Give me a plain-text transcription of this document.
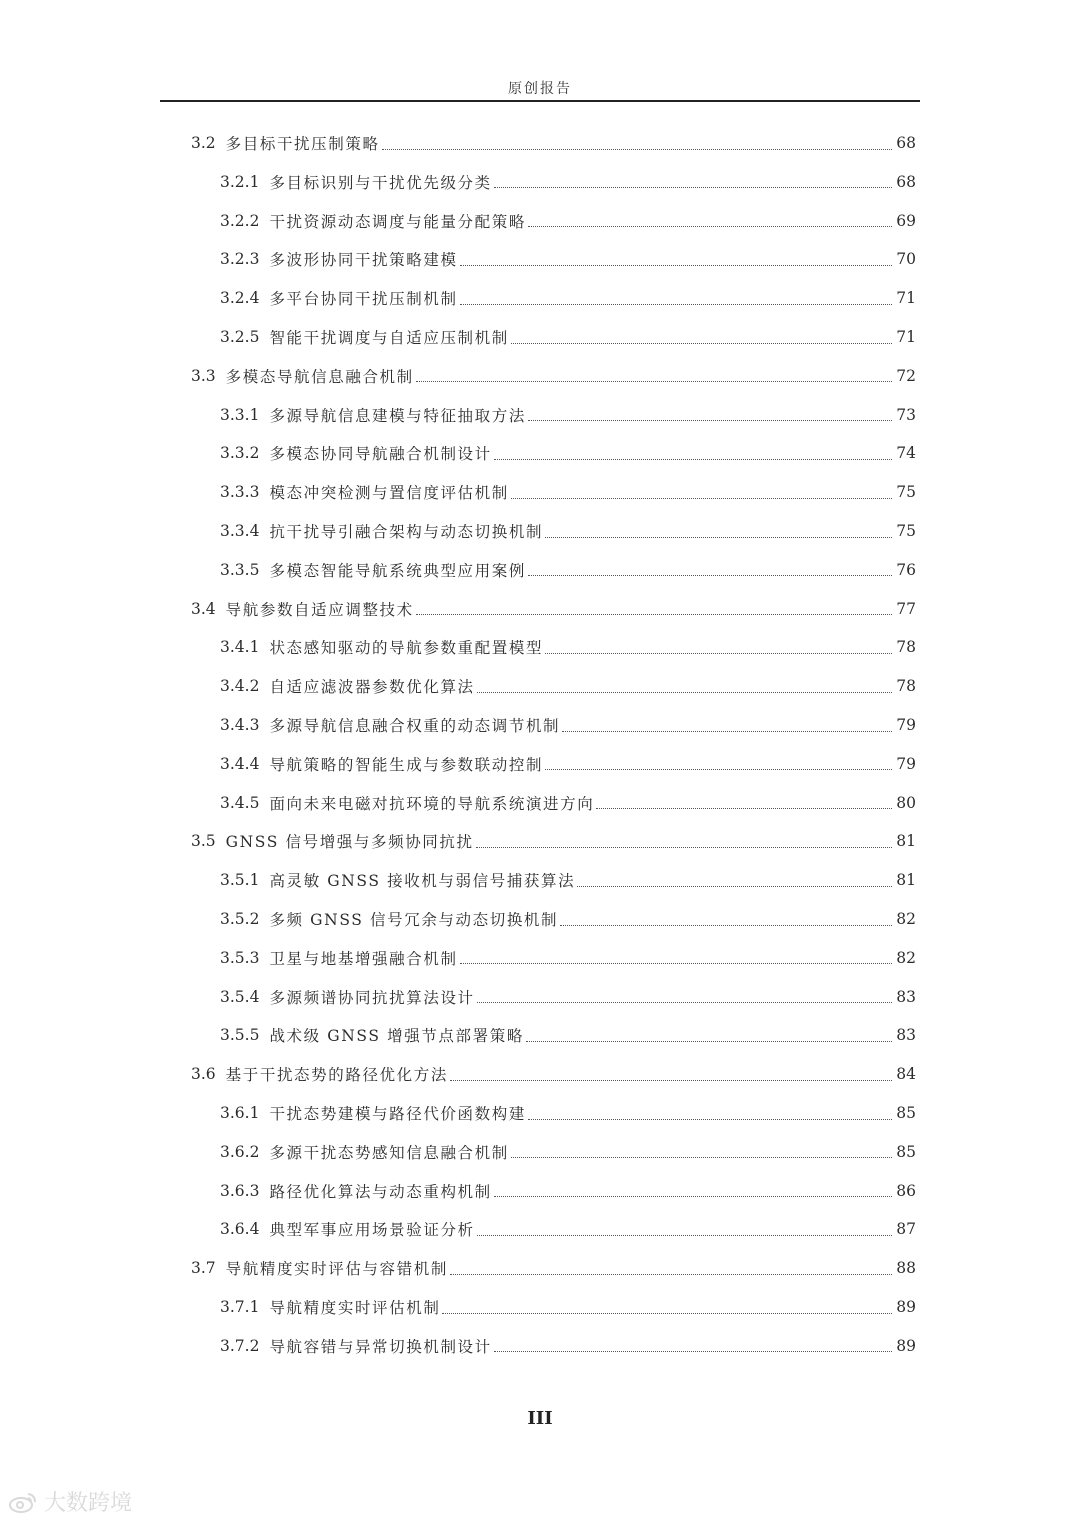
原创报告
3.2 多目标干扰压制策略	68
3.2.1 多目标识别与干扰优先级分类	68
3.2.2 干扰资源动态调度与能量分配策略	69
3.2.3 多波形协同干扰策略建模	70
3.2.4 多平台协同干扰压制机制	71
3.2.5 智能干扰调度与自适应压制机制	71
3.3 多模态导航信息融合机制	72
3.3.1 多源导航信息建模与特征抽取方法	73
3.3.2 多模态协同导航融合机制设计	74
3.3.3 模态冲突检测与置信度评估机制	75
3.3.4 抗干扰导引融合架构与动态切换机制	75
3.3.5 多模态智能导航系统典型应用案例	76
3.4 导航参数自适应调整技术	77
3.4.1 状态感知驱动的导航参数重配置模型	78
3.4.2 自适应滤波器参数优化算法	78
3.4.3 多源导航信息融合权重的动态调节机制	79
3.4.4 导航策略的智能生成与参数联动控制	79
3.4.5 面向未来电磁对抗环境的导航系统演进方向	80
3.5 GNSS 信号增强与多频协同抗扰	81
3.5.1 高灵敏 GNSS 接收机与弱信号捕获算法	81
3.5.2 多频 GNSS 信号冗余与动态切换机制	82
3.5.3 卫星与地基增强融合机制	82
3.5.4 多源频谱协同抗扰算法设计	83
3.5.5 战术级 GNSS 增强节点部署策略	83
3.6 基于干扰态势的路径优化方法	84
3.6.1 干扰态势建模与路径代价函数构建	85
3.6.2 多源干扰态势感知信息融合机制	85
3.6.3 路径优化算法与动态重构机制	86
3.6.4 典型军事应用场景验证分析	87
3.7 导航精度实时评估与容错机制	88
3.7.1 导航精度实时评估机制	89
3.7.2 导航容错与异常切换机制设计	89
III
大数跨境
